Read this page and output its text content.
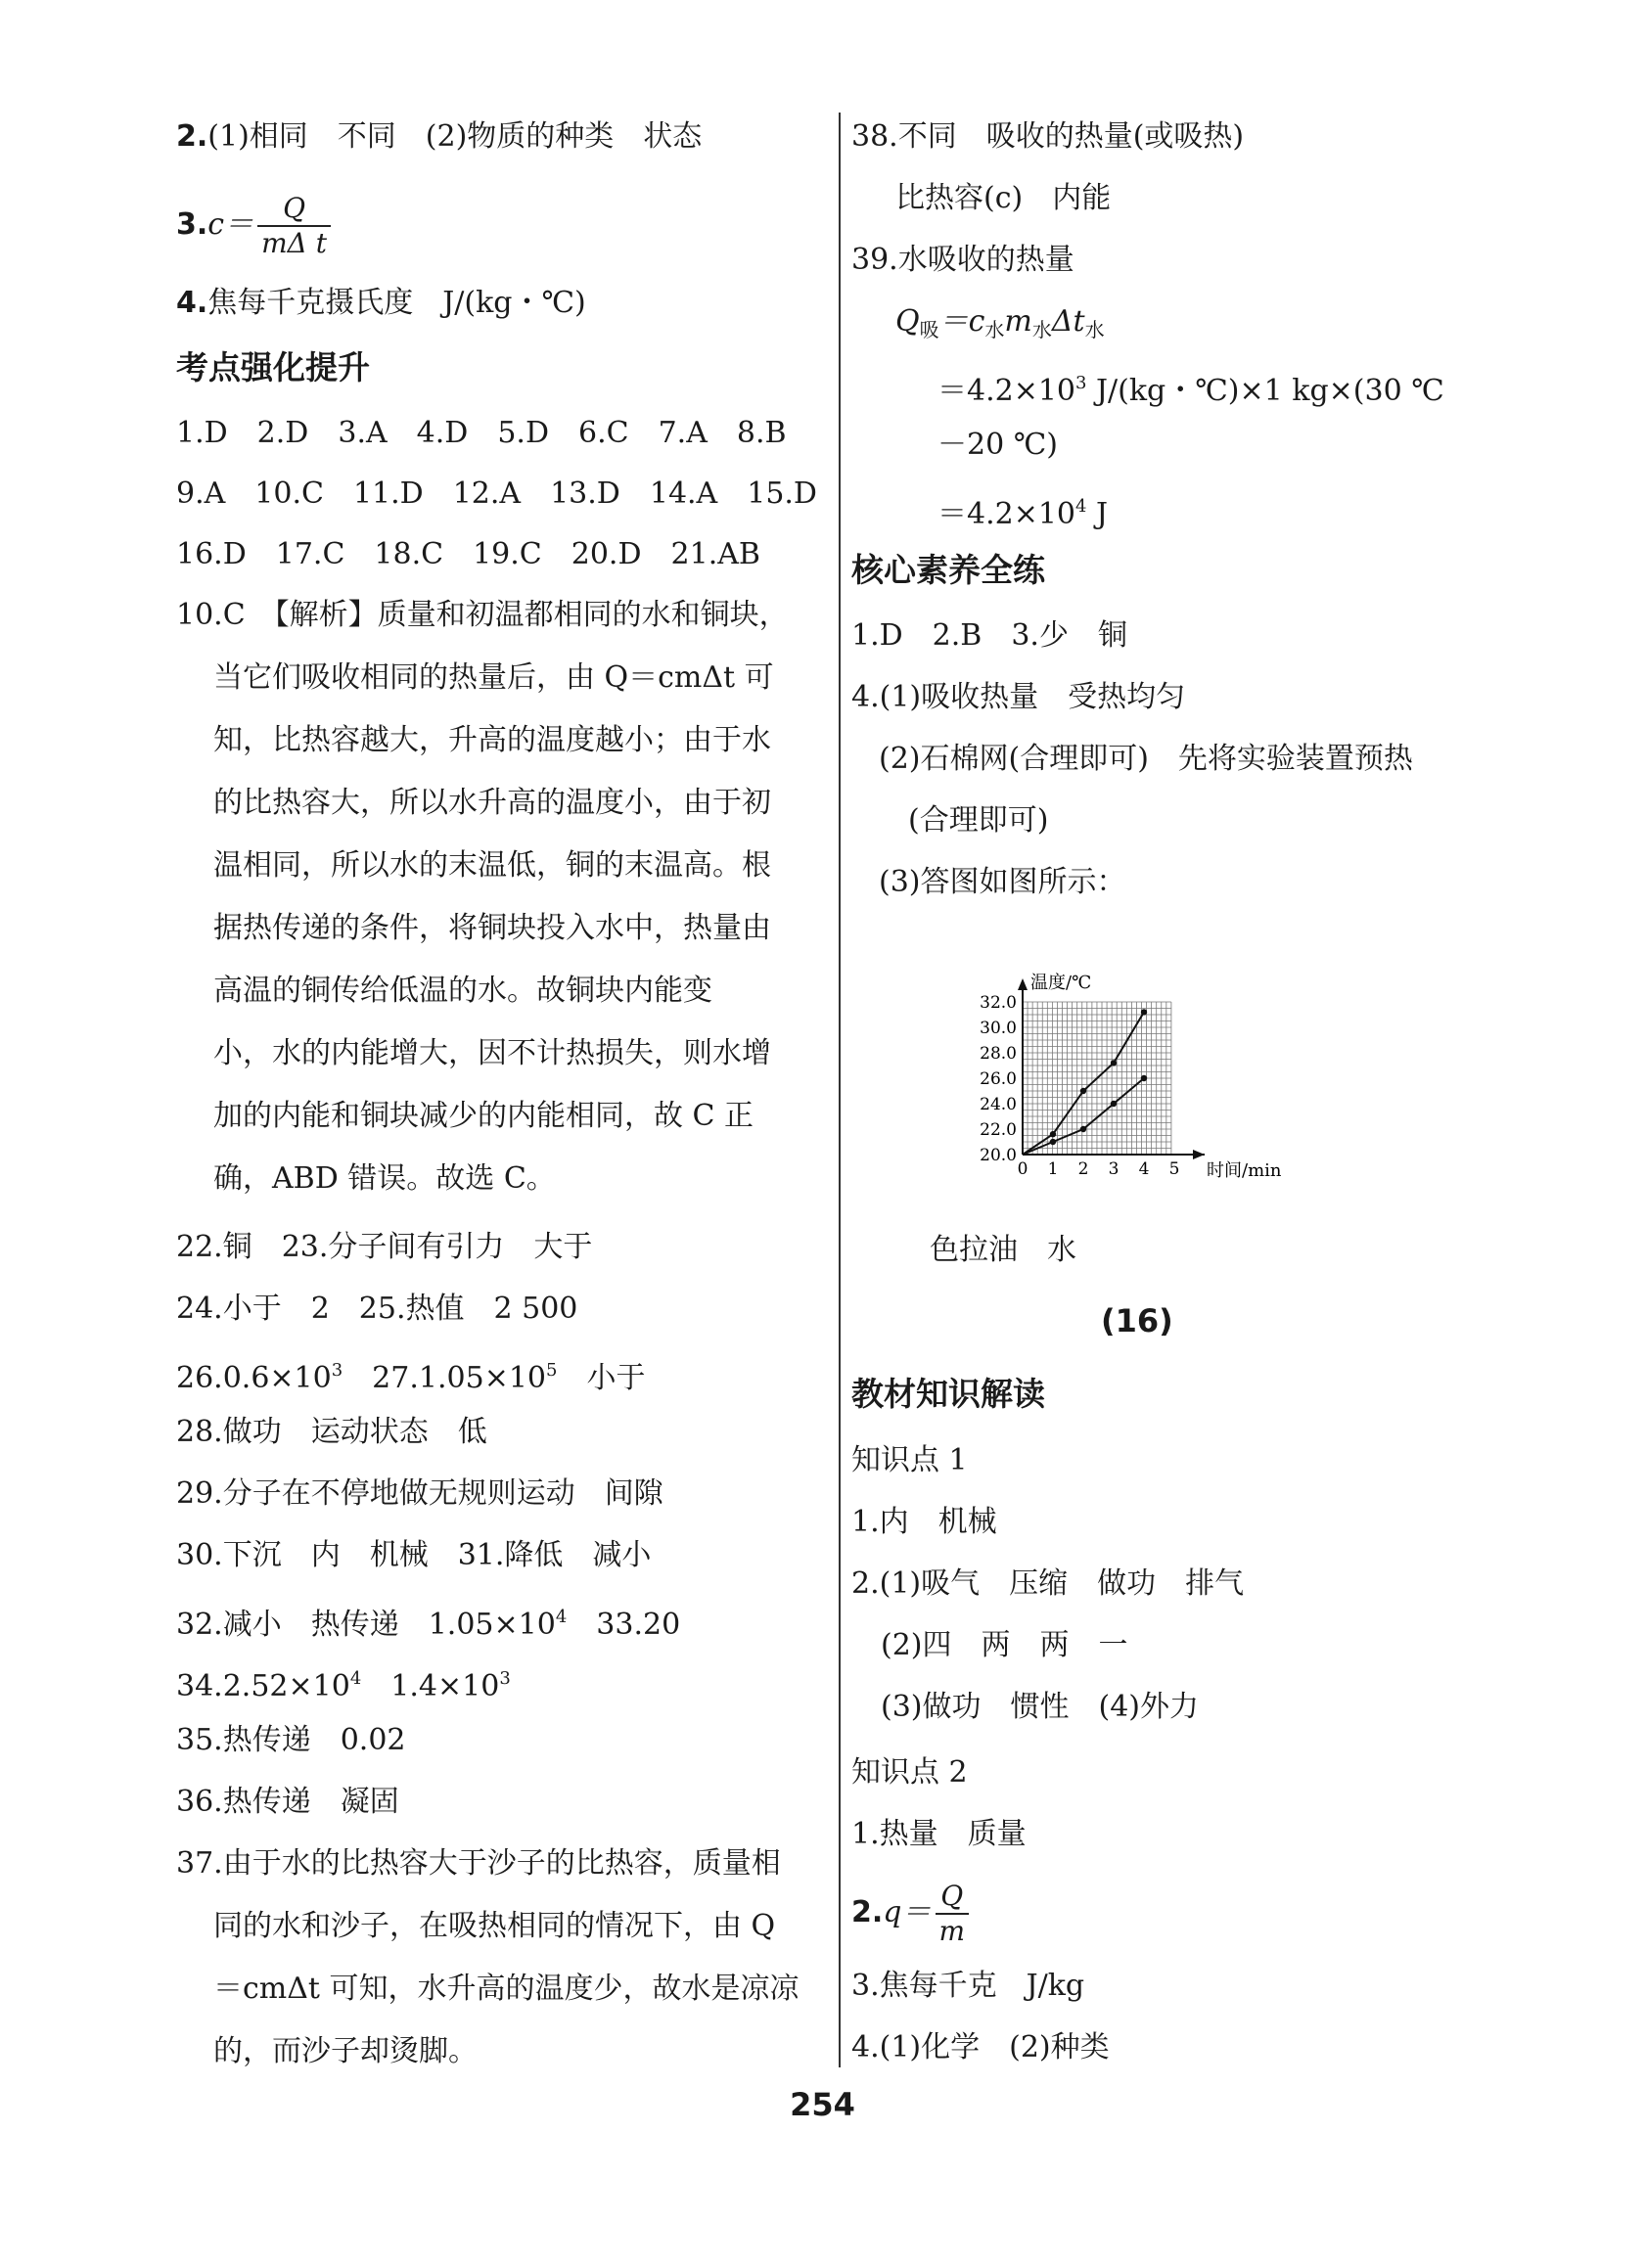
2.(1)相同　不同　(2)物质的种类　状态
$3.c= \frac{Q}{\text{mΔ t}}$
4.焦每千克摄氏度　J/(kg・℃)
考点强化提升
1.D　2.D　3.A　4.D　5.D　6.C　7.A　8.B
9.A　10.C　11.D　12.A　13.D　14.A　15.D
16.D　17.C　18.C　19.C　20.D　21.AB
10.C　【解析】质量和初温都相同的水和铜块，
当它们吸收相同的热量后，由 Q＝cmΔt 可
知，比热容越大，升高的温度越小；由于水
的比热容大，所以水升高的温度小，由于初
温相同，所以水的末温低，铜的末温高。根
据热传递的条件，将铜块投入水中，热量由
高温的铜传给低温的水。故铜块内能变
小，水的内能增大，因不计热损失，则水增
加的内能和铜块减少的内能相同，故 C 正
确，ABD 错误。故选 C。
22.铜　23.分子间有引力　大于
24.小于　2　25.热值　2 500
$26.0.6\times 10^3$　$27.1.05\times 10^5$　小于
28.做功　运动状态　低
29.分子在不停地做无规则运动　间隙
30.下沉　内　机械　31.降低　减小
32.减小　热传递　$1.05\times 10^4$　33.20
$34.2.52\times 10^4$　$1.4\times 10^3$
35.热传递　0.02
36.热传递　凝固
37.由于水的比热容大于沙子的比热容，质量相
同的水和沙子，在吸热相同的情况下，由 Q
＝cmΔt 可知，水升高的温度少，故水是凉凉
的，而沙子却烫脚。
38.不同　吸收的热量(或吸热)
比热容(c)　内能
39.水吸收的热量
$Q_吸=c_水m_水\Delta t_水$
$=4.2\times 10^3$ J/(kg・℃)×1 kg×(30 ℃
－20 ℃)
$=4.2\times 10^4$ J
核心素养全练
1.D　2.B　3.少　铜
4.(1)吸收热量　受热均匀
(2)石棉网(合理即可)　先将实验装置预热
(合理即可)
(3)答图如图所示：
色拉油　水
(16)
教材知识解读
知识点 1
1.内　机械
2.(1)吸气　压缩　做功　排气
(2)四　两　两　一
(3)做功　惯性　(4)外力
知识点 2
1.热量　质量
$2.q= \frac{Q}{m}$
3.焦每千克　J/kg
4.(1)化学　(2)种类
0 1 2 3 4 5
20.0
22.0
24.0
26.0
28.0
30.0
32.0
温度/℃
时间/min
254
